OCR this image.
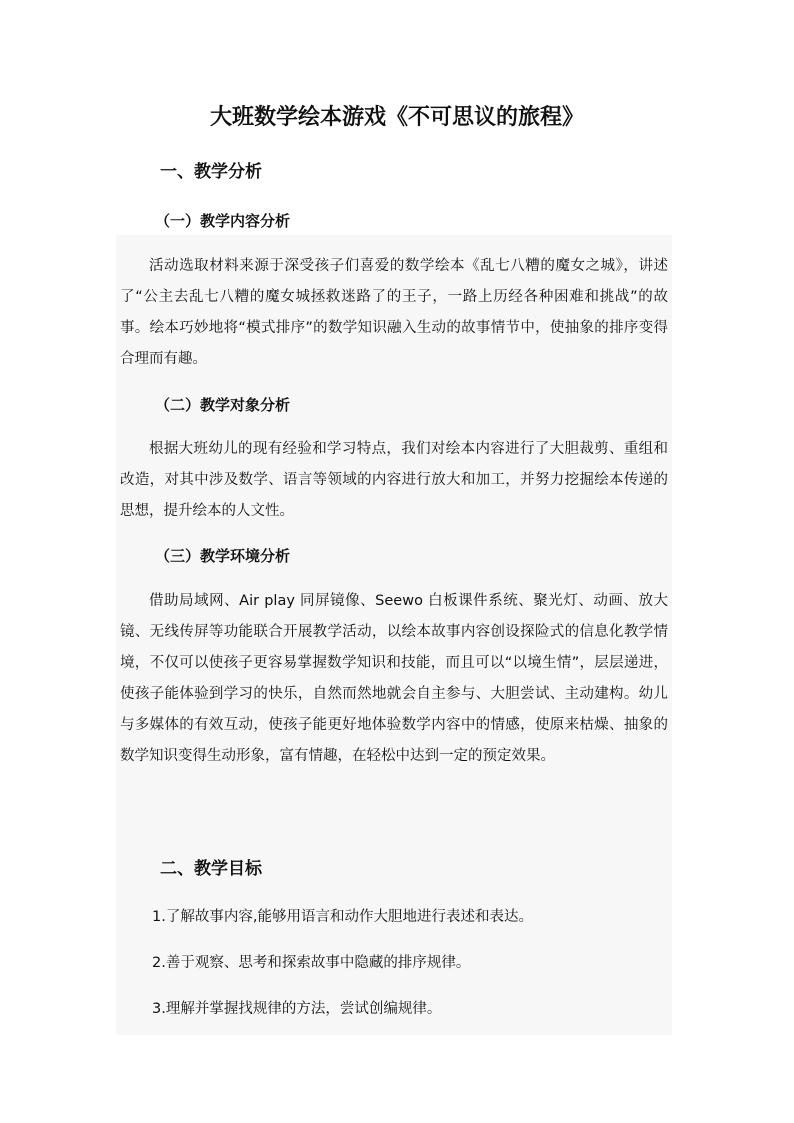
大班数学绘本游戏《不可思议的旅程》
一、教学分析
（一）教学内容分析
活动选取材料来源于深受孩子们喜爱的数学绘本《乱七八糟的魔女之城》，讲述了“公主去乱七八糟的魔女城拯救迷路了的王子，一路上历经各种困难和挑战”的故事。绘本巧妙地将“模式排序”的数学知识融入生动的故事情节中，使抽象的排序变得合理而有趣。
（二）教学对象分析
根据大班幼儿的现有经验和学习特点，我们对绘本内容进行了大胆裁剪、重组和改造，对其中涉及数学、语言等领域的内容进行放大和加工，并努力挖掘绘本传递的思想，提升绘本的人文性。
（三）教学环境分析
借助局域网、Air play 同屏镜像、Seewo 白板课件系统、聚光灯、动画、放大镜、无线传屏等功能联合开展教学活动，以绘本故事内容创设探险式的信息化教学情境，不仅可以使孩子更容易掌握数学知识和技能，而且可以“以境生情”，层层递进，使孩子能体验到学习的快乐，自然而然地就会自主参与、大胆尝试、主动建构。幼儿与多媒体的有效互动，使孩子能更好地体验数学内容中的情感，使原来枯燥、抽象的数学知识变得生动形象，富有情趣，在轻松中达到一定的预定效果。
二、教学目标
1.了解故事内容,能够用语言和动作大胆地进行表述和表达。
2.善于观察、思考和探索故事中隐藏的排序规律。
3.理解并掌握找规律的方法，尝试创编规律。
